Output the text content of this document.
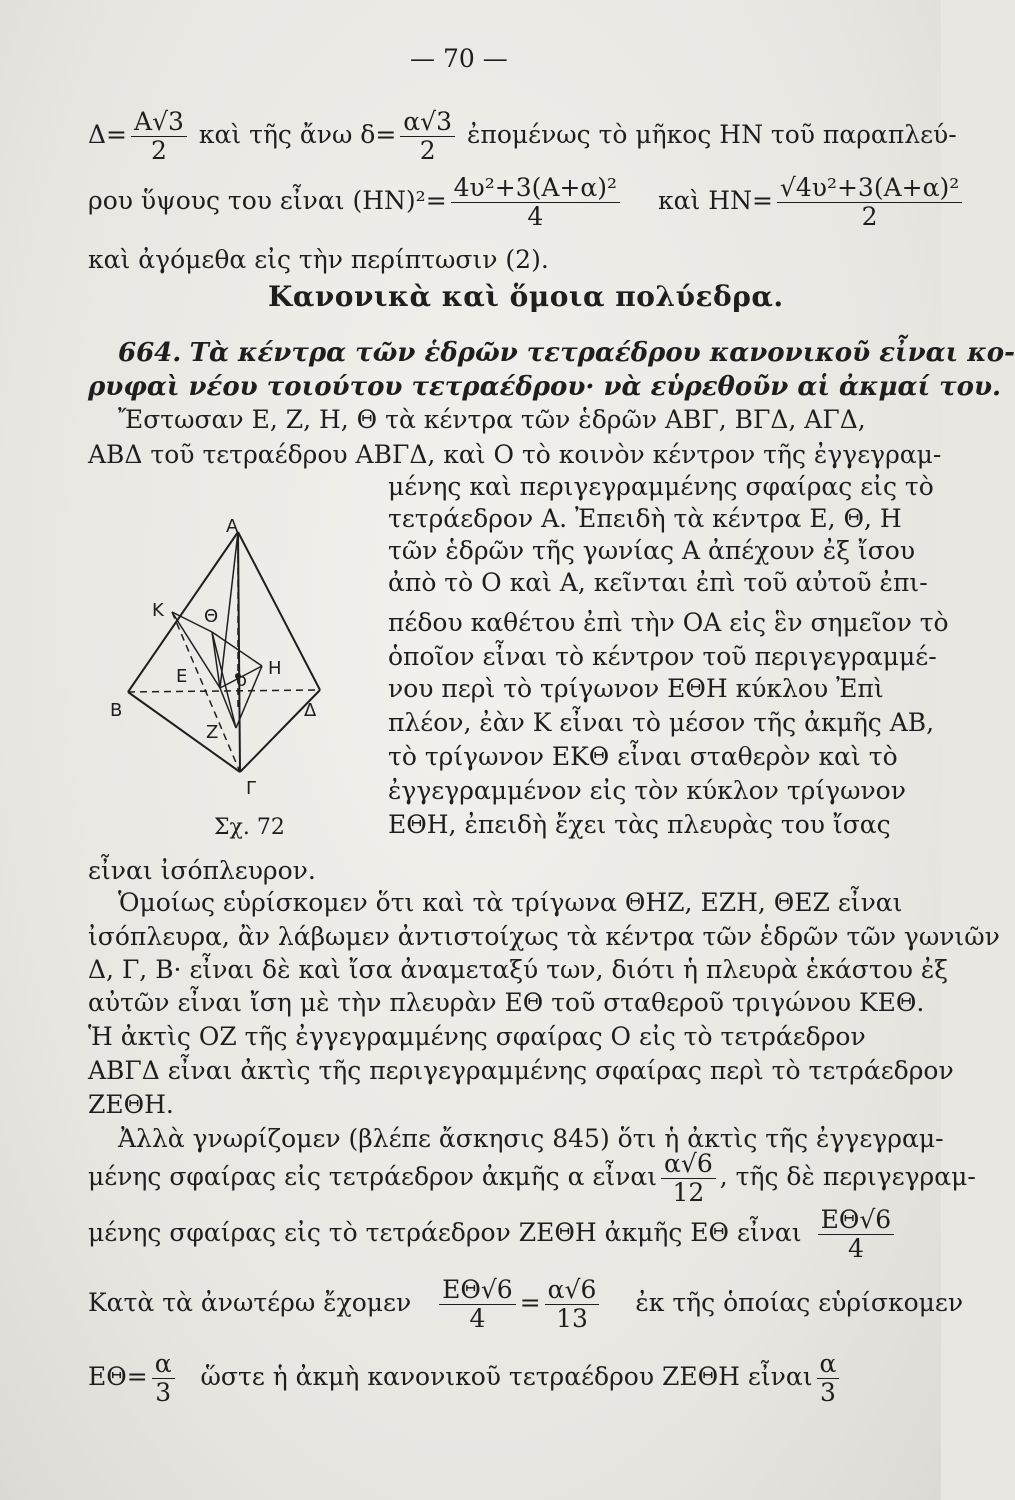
— 70 —
$\Delta= \frac{A√3}{2}$ καὶ τῆς ἄνω $\delta= \frac{\alpha√3}{2}$ ἐπομένως τὸ μῆκος ΗΝ τοῦ παραπλεύ-
ρου ὕψους του εἶναι $(HN)^2= \frac{\text{4υ²+3(Α+α)²}}{4}$ καὶ $HN= \frac{\text{√4υ²+3(Α+α)²}}{2}$
καὶ ἀγόμεθα εἰς τὴν περίπτωσιν (2).
Κανονικὰ καὶ ὅμοια πολύεδρα.
664. Τὰ κέντρα τῶν ἑδρῶν τετραέδρου κανονικοῦ εἶναι κο-
ρυφαὶ νέου τοιούτου τετραέδρου· νὰ εὑρεθοῦν αἱ ἀκμαί του.
Ἔστωσαν Ε, Ζ, Η, Θ τὰ κέντρα τῶν ἑδρῶν ΑΒΓ, ΒΓΔ, ΑΓΔ,
ΑΒΔ τοῦ τετραέδρου ΑΒΓΔ, καὶ Ο τὸ κοινὸν κέντρον τῆς ἐγγεγραμ-
μένης καὶ περιγεγραμμένης σφαίρας εἰς τὸ
τετράεδρον Α. Ἐπειδὴ τὰ κέντρα Ε, Θ, Η
τῶν ἑδρῶν τῆς γωνίας Α ἀπέχουν ἐξ ἴσου
ἀπὸ τὸ Ο καὶ Α, κεῖνται ἐπὶ τοῦ αὐτοῦ ἐπι-
πέδου καθέτου ἐπὶ τὴν ΟΑ εἰς ἓν σημεῖον τὸ
ὁποῖον εἶναι τὸ κέντρον τοῦ περιγεγραμμέ-
νου περὶ τὸ τρίγωνον ΕΘΗ κύκλου Ἐπὶ
πλέον, ἐὰν Κ εἶναι τὸ μέσον τῆς ἀκμῆς ΑΒ,
τὸ τρίγωνον ΕΚΘ εἶναι σταθερὸν καὶ τὸ
ἐγγεγραμμένον εἰς τὸν κύκλον τρίγωνον
ΕΘΗ, ἐπειδὴ ἔχει τὰς πλευρὰς του ἴσας
Α
Κ Θ
Ε	Η
ο
Β	Δ
Ζ
Γ
Σχ. 72
εἶναι ἰσόπλευρον.
Ὁμοίως εὑρίσκομεν ὅτι καὶ τὰ τρίγωνα ΘΗΖ, ΕΖΗ, ΘΕΖ εἶναι
ἰσόπλευρα, ἂν λάβωμεν ἀντιστοίχως τὰ κέντρα τῶν ἑδρῶν τῶν γωνιῶν
Δ, Γ, Β· εἶναι δὲ καὶ ἴσα ἀναμεταξύ των, διότι ἡ πλευρὰ ἑκάστου ἐξ
αὐτῶν εἶναι ἴση μὲ τὴν πλευρὰν ΕΘ τοῦ σταθεροῦ τριγώνου ΚΕΘ.
Ἡ ἀκτὶς ΟΖ τῆς ἐγγεγραμμένης σφαίρας Ο εἰς τὸ τετράεδρον
ΑΒΓΔ εἶναι ἀκτὶς τῆς περιγεγραμμένης σφαίρας περὶ τὸ τετράεδρον
ΖΕΘΗ.
Ἀλλὰ γνωρίζομεν (βλέπε ἄσκησις 845) ὅτι ἡ ἀκτὶς τῆς ἐγγεγραμ-
μένης σφαίρας εἰς τετράεδρον ἀκμῆς α εἶναι $\frac{\alpha√6}{12}$ , τῆς δὲ περιγεγραμ-
μένης σφαίρας εἰς τὸ τετράεδρον ΖΕΘΗ ἀκμῆς ΕΘ εἶναι $\frac{E\Theta√6}{4}$
Κατὰ τὰ ἀνωτέρω ἔχομεν $\frac{E\Theta√6}{4} = \frac{\alpha√6}{13}$ ἐκ τῆς ὁποίας εὑρίσκομεν
$E\Theta= \frac{\alpha}{3}$ ὥστε ἡ ἀκμὴ κανονικοῦ τετραέδρου ΖΕΘΗ εἶναι $\frac{\alpha}{3}$
